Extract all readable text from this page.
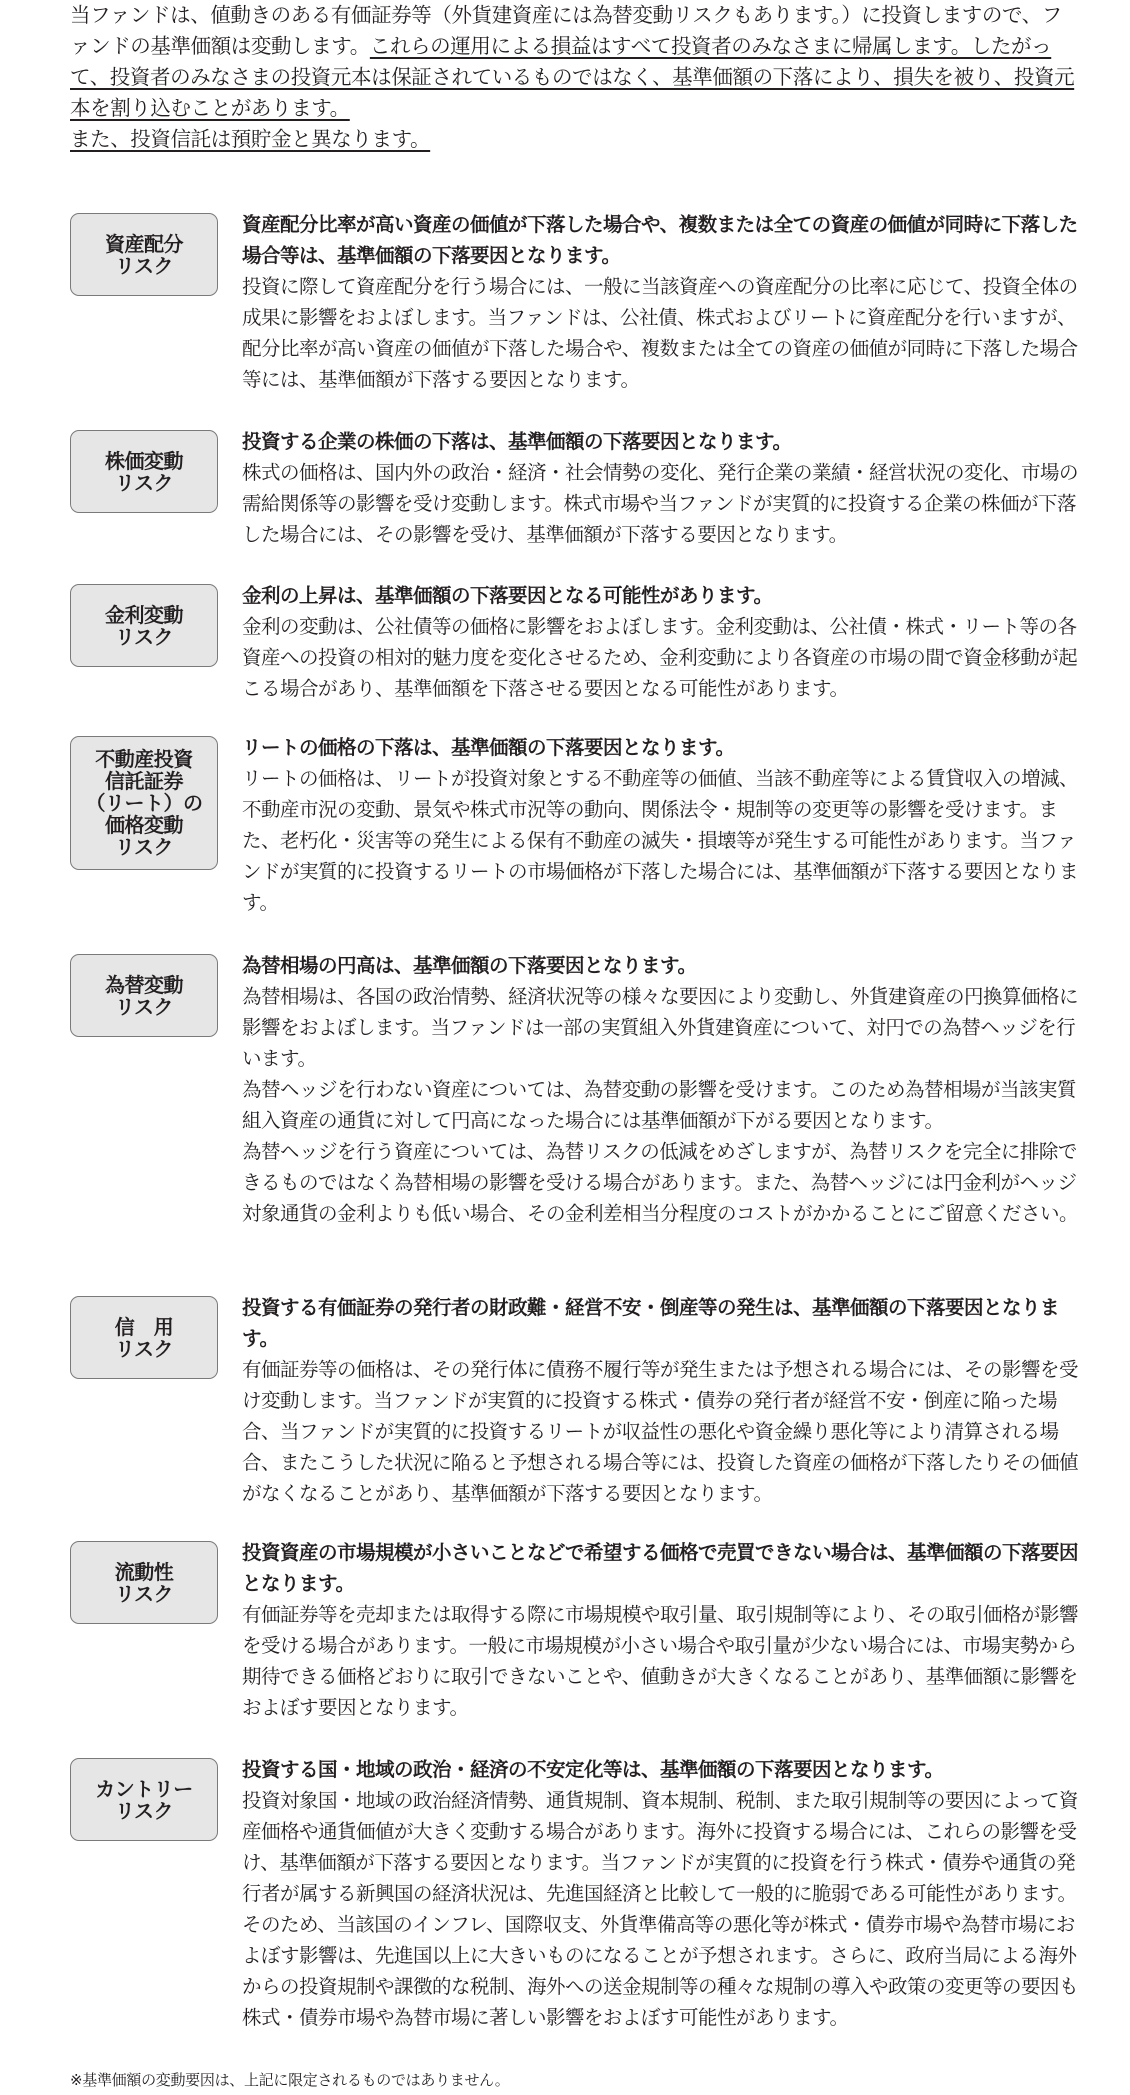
当ファンドは、値動きのある有価証券等（外貨建資産には為替変動リスクもあります。）に投資しますので、ファンドの基準価額は変動します。これらの運用による損益はすべて投資者のみなさまに帰属します。したがって、投資者のみなさまの投資元本は保証されているものではなく、基準価額の下落により、損失を被り、投資元本を割り込むことがあります。

また、投資信託は預貯金と異なります。

資産配分
リスク

資産配分比率が高い資産の価値が下落した場合や、複数または全ての資産の価値が同時に下落した場合等は、基準価額の下落要因となります。

投資に際して資産配分を行う場合には、一般に当該資産への資産配分の比率に応じて、投資全体の成果に影響をおよぼします。当ファンドは、公社債、株式およびリートに資産配分を行いますが、配分比率が高い資産の価値が下落した場合や、複数または全ての資産の価値が同時に下落した場合等には、基準価額が下落する要因となります。

株価変動
リスク

投資する企業の株価の下落は、基準価額の下落要因となります。

株式の価格は、国内外の政治・経済・社会情勢の変化、発行企業の業績・経営状況の変化、市場の需給関係等の影響を受け変動します。株式市場や当ファンドが実質的に投資する企業の株価が下落した場合には、その影響を受け、基準価額が下落する要因となります。

金利変動
リスク

金利の上昇は、基準価額の下落要因となる可能性があります。

金利の変動は、公社債等の価格に影響をおよぼします。金利変動は、公社債・株式・リート等の各資産への投資の相対的魅力度を変化させるため、金利変動により各資産の市場の間で資金移動が起こる場合があり、基準価額を下落させる要因となる可能性があります。

不動産投資
信託証券
（リート）の
価格変動
リスク

リートの価格の下落は、基準価額の下落要因となります。

リートの価格は、リートが投資対象とする不動産等の価値、当該不動産等による賃貸収入の増減、不動産市況の変動、景気や株式市況等の動向、関係法令・規制等の変更等の影響を受けます。また、老朽化・災害等の発生による保有不動産の滅失・損壊等が発生する可能性があります。当ファンドが実質的に投資するリートの市場価格が下落した場合には、基準価額が下落する要因となります。

為替変動
リスク

為替相場の円高は、基準価額の下落要因となります。

為替相場は、各国の政治情勢、経済状況等の様々な要因により変動し、外貨建資産の円換算価格に影響をおよぼします。当ファンドは一部の実質組入外貨建資産について、対円での為替ヘッジを行います。

為替ヘッジを行わない資産については、為替変動の影響を受けます。このため為替相場が当該実質組入資産の通貨に対して円高になった場合には基準価額が下がる要因となります。

為替ヘッジを行う資産については、為替リスクの低減をめざしますが、為替リスクを完全に排除できるものではなく為替相場の影響を受ける場合があります。また、為替ヘッジには円金利がヘッジ対象通貨の金利よりも低い場合、その金利差相当分程度のコストがかかることにご留意ください。

信　用
リスク

投資する有価証券の発行者の財政難・経営不安・倒産等の発生は、基準価額の下落要因となります。

有価証券等の価格は、その発行体に債務不履行等が発生または予想される場合には、その影響を受け変動します。当ファンドが実質的に投資する株式・債券の発行者が経営不安・倒産に陥った場合、当ファンドが実質的に投資するリートが収益性の悪化や資金繰り悪化等により清算される場合、またこうした状況に陥ると予想される場合等には、投資した資産の価格が下落したりその価値がなくなることがあり、基準価額が下落する要因となります。

流動性
リスク

投資資産の市場規模が小さいことなどで希望する価格で売買できない場合は、基準価額の下落要因となります。

有価証券等を売却または取得する際に市場規模や取引量、取引規制等により、その取引価格が影響を受ける場合があります。一般に市場規模が小さい場合や取引量が少ない場合には、市場実勢から期待できる価格どおりに取引できないことや、値動きが大きくなることがあり、基準価額に影響をおよぼす要因となります。

カントリー
リスク

投資する国・地域の政治・経済の不安定化等は、基準価額の下落要因となります。

投資対象国・地域の政治経済情勢、通貨規制、資本規制、税制、また取引規制等の要因によって資産価格や通貨価値が大きく変動する場合があります。海外に投資する場合には、これらの影響を受け、基準価額が下落する要因となります。当ファンドが実質的に投資を行う株式・債券や通貨の発行者が属する新興国の経済状況は、先進国経済と比較して一般的に脆弱である可能性があります。そのため、当該国のインフレ、国際収支、外貨準備高等の悪化等が株式・債券市場や為替市場におよぼす影響は、先進国以上に大きいものになることが予想されます。さらに、政府当局による海外からの投資規制や課徴的な税制、海外への送金規制等の種々な規制の導入や政策の変更等の要因も株式・債券市場や為替市場に著しい影響をおよぼす可能性があります。

※基準価額の変動要因は、上記に限定されるものではありません。
